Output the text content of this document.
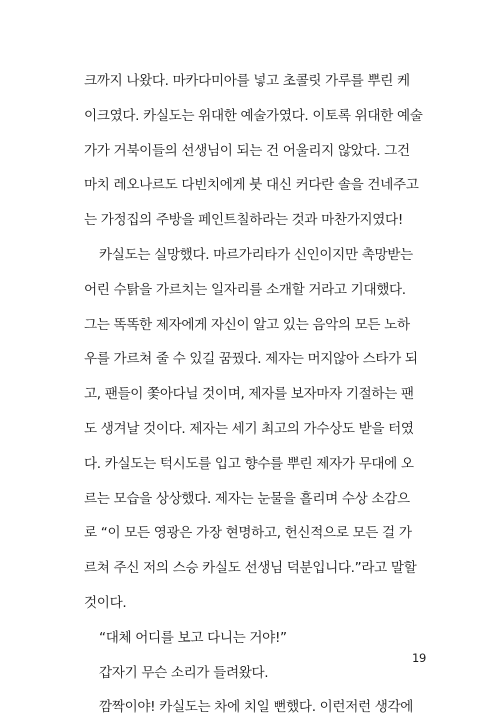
크까지 나왔다. 마카다미아를 넣고 초콜릿 가루를 뿌린 케
이크였다. 카실도는 위대한 예술가였다. 이토록 위대한 예술
가가 거북이들의 선생님이 되는 건 어울리지 않았다. 그건
마치 레오나르도 다빈치에게 붓 대신 커다란 솔을 건네주고
는 가정집의 주방을 페인트칠하라는 것과 마찬가지였다!
카실도는 실망했다. 마르가리타가 신인이지만 촉망받는
어린 수탉을 가르치는 일자리를 소개할 거라고 기대했다.
그는 똑똑한 제자에게 자신이 알고 있는 음악의 모든 노하
우를 가르쳐 줄 수 있길 꿈꿨다. 제자는 머지않아 스타가 되
고, 팬들이 쫓아다닐 것이며, 제자를 보자마자 기절하는 팬
도 생겨날 것이다. 제자는 세기 최고의 가수상도 받을 터였
다. 카실도는 턱시도를 입고 향수를 뿌린 제자가 무대에 오
르는 모습을 상상했다. 제자는 눈물을 흘리며 수상 소감으
로 “이 모든 영광은 가장 현명하고, 헌신적으로 모든 걸 가
르쳐 주신 저의 스승 카실도 선생님 덕분입니다.”라고 말할
것이다.
“대체 어디를 보고 다니는 거야!”
갑자기 무슨 소리가 들려왔다.
깜짝이야! 카실도는 차에 치일 뻔했다. 이런저런 생각에
19
